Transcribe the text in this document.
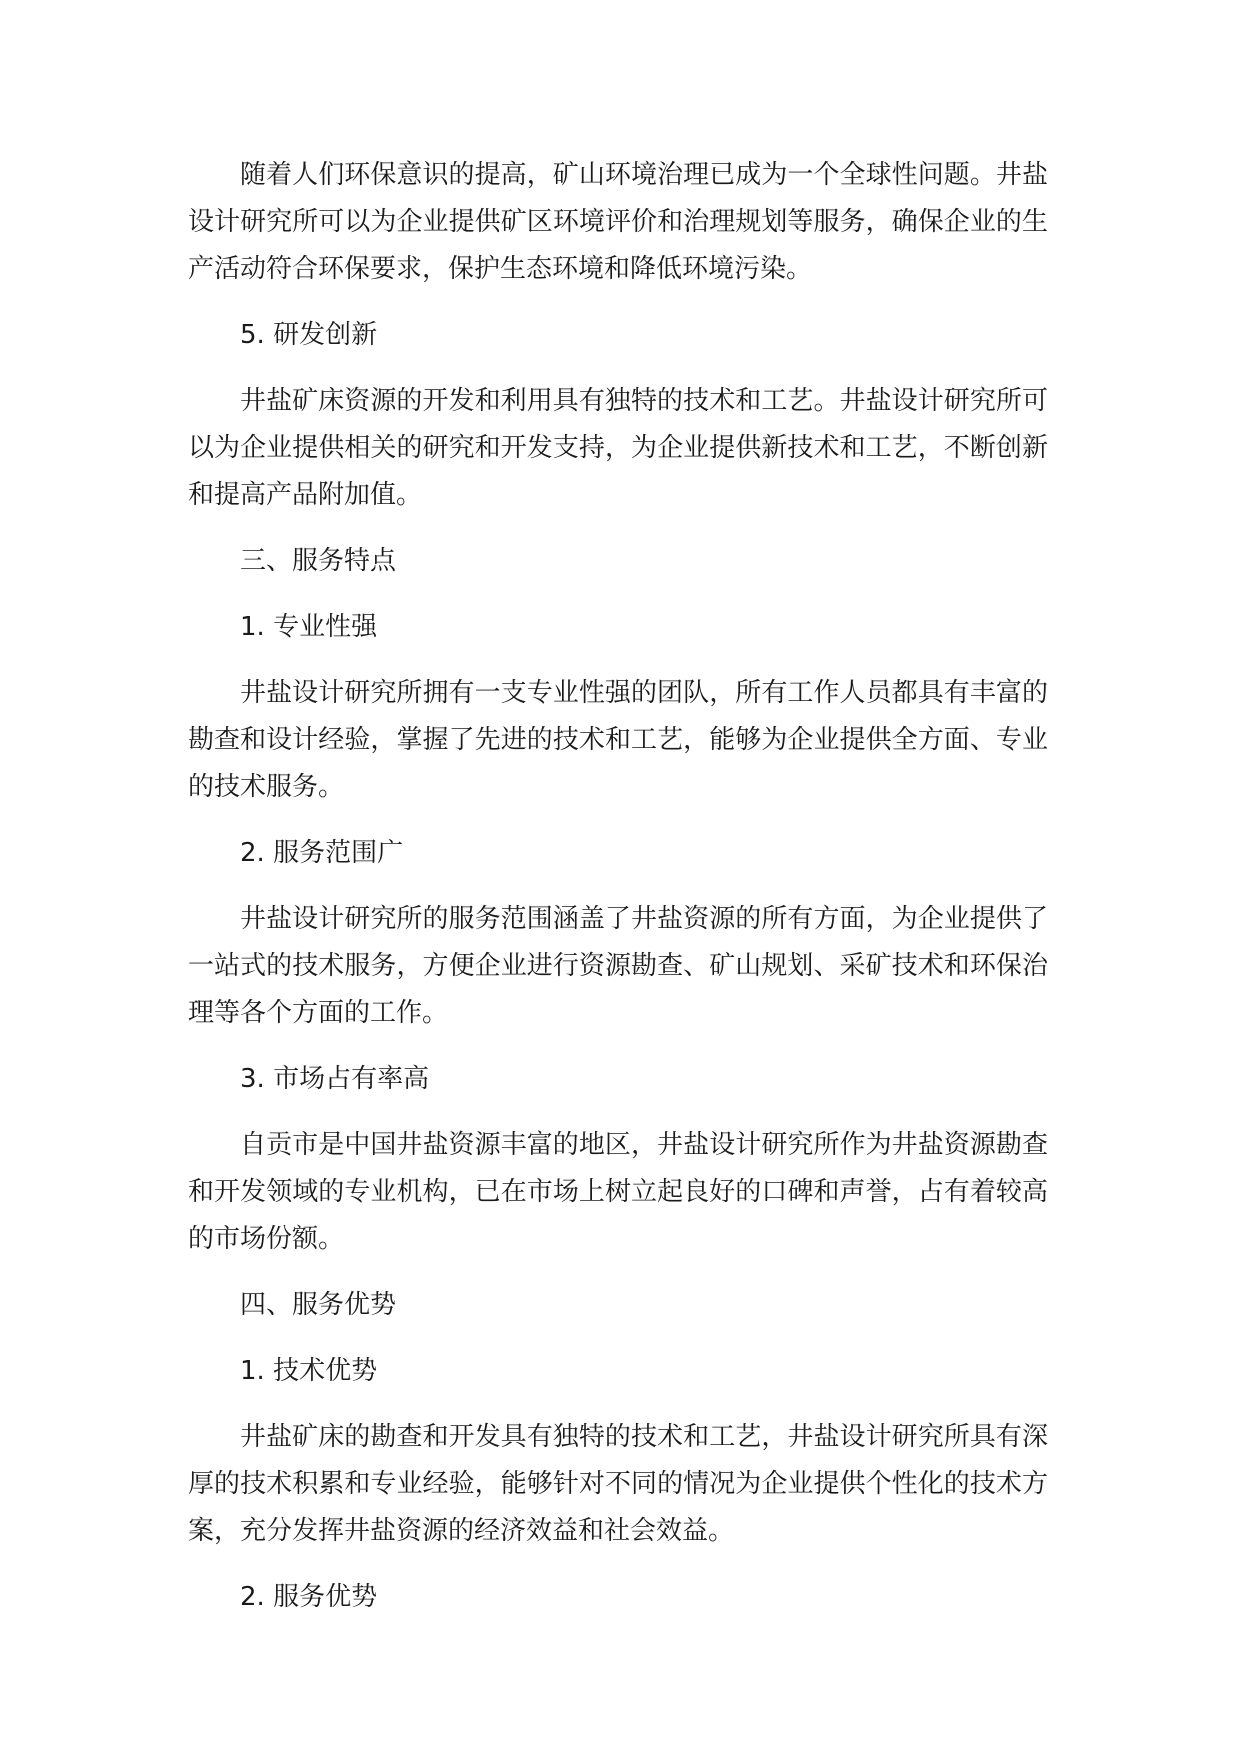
随着人们环保意识的提高，矿山环境治理已成为一个全球性问题。井盐设计研究所可以为企业提供矿区环境评价和治理规划等服务，确保企业的生产活动符合环保要求，保护生态环境和降低环境污染。

5. 研发创新

井盐矿床资源的开发和利用具有独特的技术和工艺。井盐设计研究所可以为企业提供相关的研究和开发支持，为企业提供新技术和工艺，不断创新和提高产品附加值。

三、服务特点

1. 专业性强

井盐设计研究所拥有一支专业性强的团队，所有工作人员都具有丰富的勘查和设计经验，掌握了先进的技术和工艺，能够为企业提供全方面、专业的技术服务。

2. 服务范围广

井盐设计研究所的服务范围涵盖了井盐资源的所有方面，为企业提供了一站式的技术服务，方便企业进行资源勘查、矿山规划、采矿技术和环保治理等各个方面的工作。

3. 市场占有率高

自贡市是中国井盐资源丰富的地区，井盐设计研究所作为井盐资源勘查和开发领域的专业机构，已在市场上树立起良好的口碑和声誉，占有着较高的市场份额。

四、服务优势

1. 技术优势

井盐矿床的勘查和开发具有独特的技术和工艺，井盐设计研究所具有深厚的技术积累和专业经验，能够针对不同的情况为企业提供个性化的技术方案，充分发挥井盐资源的经济效益和社会效益。

2. 服务优势
